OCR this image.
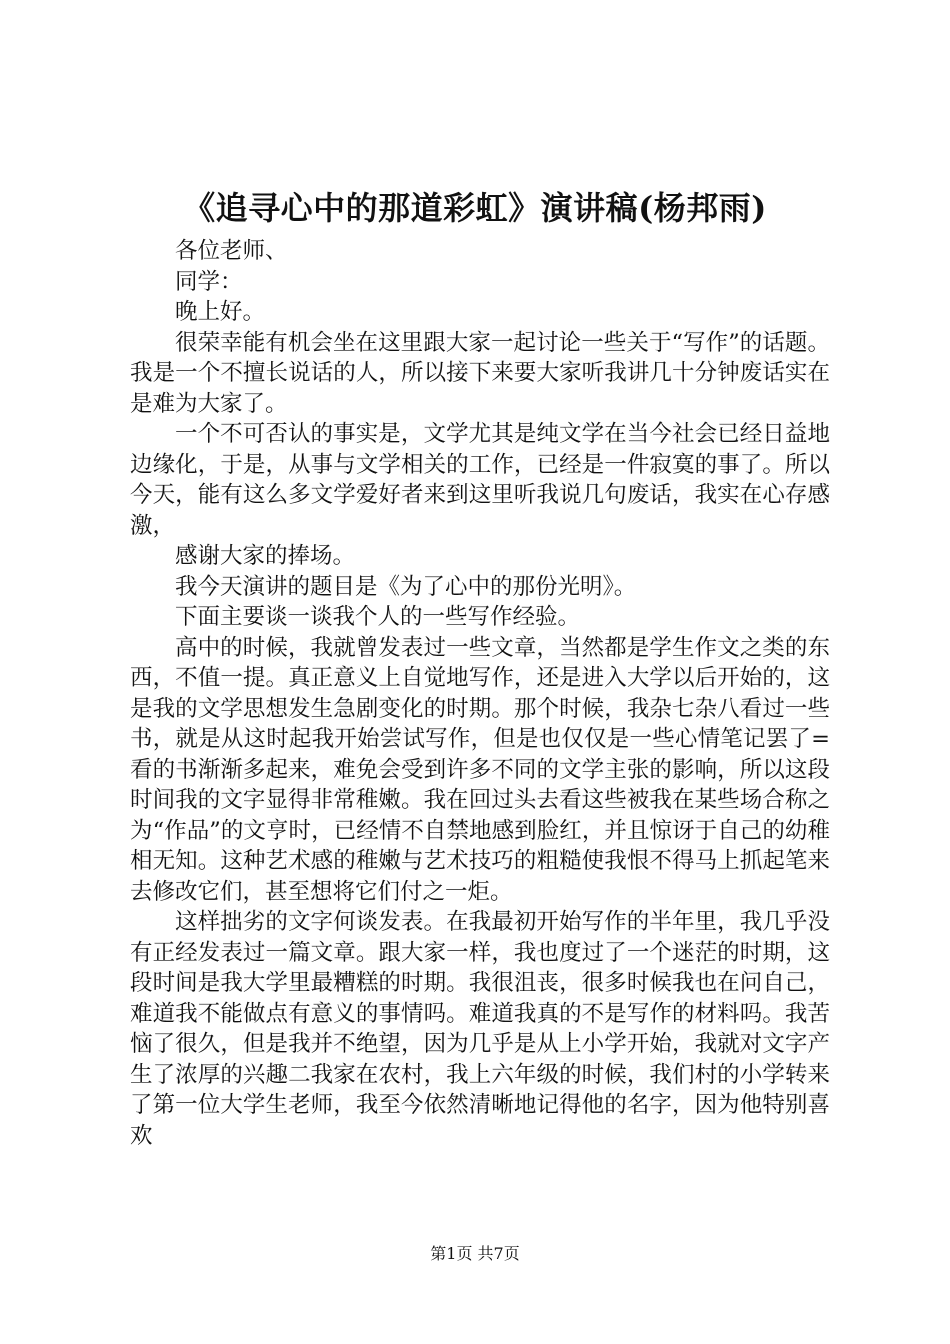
《追寻心中的那道彩虹》演讲稿(杨邦雨)

各位老师、

同学：

晚上好。

很荣幸能有机会坐在这里跟大家一起讨论一些关于“写作”的话题。我是一个不擅长说话的人，所以接下来要大家听我讲几十分钟废话实在是难为大家了。

一个不可否认的事实是，文学尤其是纯文学在当今社会已经日益地边缘化，于是，从事与文学相关的工作，已经是一件寂寞的事了。所以今天，能有这么多文学爱好者来到这里听我说几句废话，我实在心存感激，

感谢大家的捧场。

我今天演讲的题目是《为了心中的那份光明》。

下面主要谈一谈我个人的一些写作经验。

高中的时候，我就曾发表过一些文章，当然都是学生作文之类的东西，不值一提。真正意义上自觉地写作，还是进入大学以后开始的，这是我的文学思想发生急剧变化的时期。那个时候，我杂七杂八看过一些书，就是从这时起我开始尝试写作，但是也仅仅是一些心情笔记罢了=看的书渐渐多起来，难免会受到许多不同的文学主张的影响，所以这段时间我的文字显得非常稚嫩。我在回过头去看这些被我在某些场合称之为“作品”的文亨时，已经情不自禁地感到脸红，并且惊讶于自己的幼稚相无知。这种艺术感的稚嫩与艺术技巧的粗糙使我恨不得马上抓起笔来去修改它们，甚至想将它们付之一炬。

这样拙劣的文字何谈发表。在我最初开始写作的半年里，我几乎没有正经发表过一篇文章。跟大家一样，我也度过了一个迷茫的时期，这段时间是我大学里最糟糕的时期。我很沮丧，很多时候我也在问自己，难道我不能做点有意义的事情吗。难道我真的不是写作的材料吗。我苦恼了很久，但是我并不绝望，因为几乎是从上小学开始，我就对文字产生了浓厚的兴趣二我家在农村，我上六年级的时候，我们村的小学转来了第一位大学生老师，我至今依然清晰地记得他的名字，因为他特别喜欢

第1页 共7页
